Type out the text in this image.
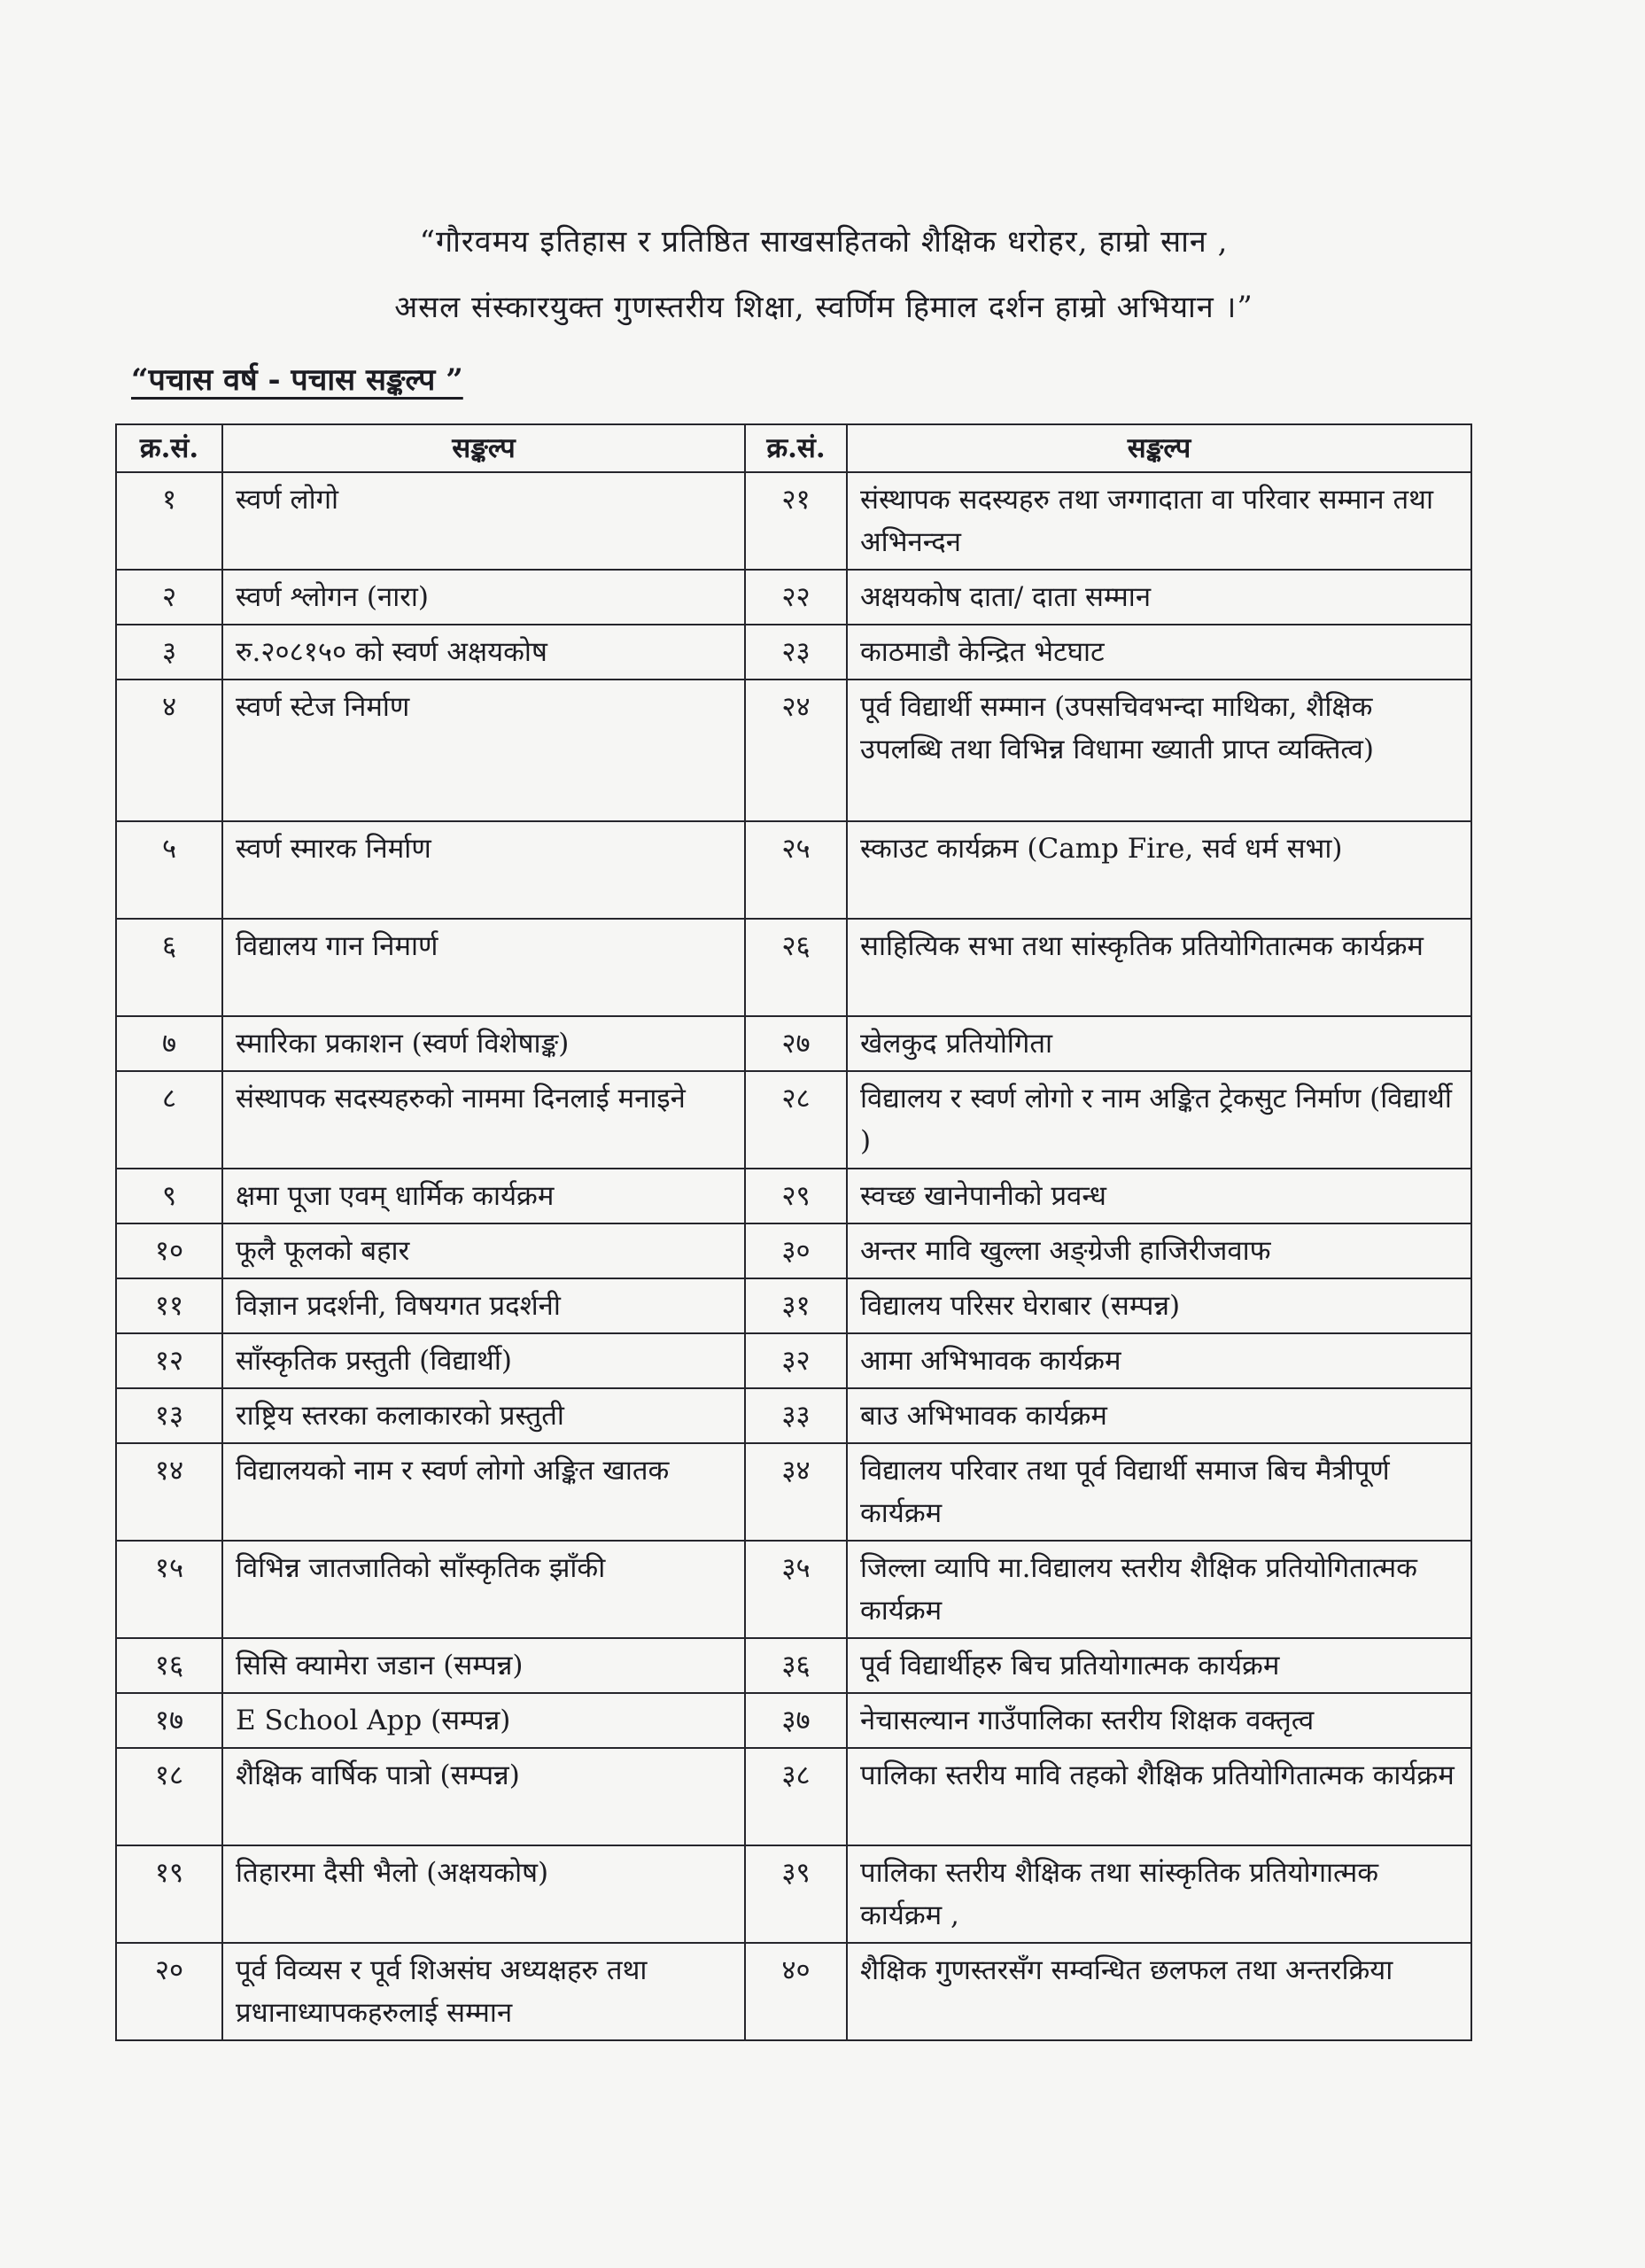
“गौरवमय इतिहास र प्रतिष्ठित साखसहितको शैक्षिक धरोहर, हाम्रो सान ,
असल संस्कारयुक्त गुणस्तरीय शिक्षा, स्वर्णिम हिमाल दर्शन हाम्रो अभियान ।”
“पचास वर्ष - पचास सङ्कल्प ”
क्र.सं.	सङ्कल्प	क्र.सं.	सङ्कल्प
१	स्वर्ण लोगो	२१	संस्थापक सदस्यहरु तथा जग्गादाता वा परिवार सम्मान तथा अभिनन्दन
२	स्वर्ण श्लोगन (नारा)	२२	अक्षयकोष दाता/ दाता सम्मान
३	रु.२०८१५० को स्वर्ण अक्षयकोष	२३	काठमाडौ केन्द्रित भेटघाट
४	स्वर्ण स्टेज निर्माण	२४	पूर्व विद्यार्थी सम्मान (उपसचिवभन्दा माथिका, शैक्षिक उपलब्धि तथा विभिन्न विधामा ख्याती प्राप्त व्यक्तित्व)
५	स्वर्ण स्मारक निर्माण	२५	स्काउट कार्यक्रम (Camp Fire, सर्व धर्म सभा)
६	विद्यालय गान निमार्ण	२६	साहित्यिक सभा तथा सांस्कृतिक प्रतियोगितात्मक कार्यक्रम
७	स्मारिका प्रकाशन (स्वर्ण विशेषाङ्क)	२७	खेलकुद प्रतियोगिता
८	संस्थापक सदस्यहरुको नाममा दिनलाई मनाइने	२८	विद्यालय र स्वर्ण लोगो र नाम अङ्कित ट्रेकसुट निर्माण (विद्यार्थी )
९	क्षमा पूजा एवम् धार्मिक कार्यक्रम	२९	स्वच्छ खानेपानीको प्रवन्ध
१०	फूलै फूलको बहार	३०	अन्तर मावि खुल्ला अङ्ग्रेजी हाजिरीजवाफ
११	विज्ञान प्रदर्शनी, विषयगत प्रदर्शनी	३१	विद्यालय परिसर घेराबार (सम्पन्न)
१२	साँस्कृतिक प्रस्तुती (विद्यार्थी)	३२	आमा अभिभावक कार्यक्रम
१३	राष्ट्रिय स्तरका कलाकारको प्रस्तुती	३३	बाउ अभिभावक कार्यक्रम
१४	विद्यालयको नाम र स्वर्ण लोगो अङ्कित खातक	३४	विद्यालय परिवार तथा पूर्व विद्यार्थी समाज बिच मैत्रीपूर्ण कार्यक्रम
१५	विभिन्न जातजातिको साँस्कृतिक झाँकी	३५	जिल्ला व्यापि मा.विद्यालय स्तरीय शैक्षिक प्रतियोगितात्मक कार्यक्रम
१६	सिसि क्यामेरा जडान (सम्पन्न)	३६	पूर्व विद्यार्थीहरु बिच प्रतियोगात्मक कार्यक्रम
१७	E School App (सम्पन्न)	३७	नेचासल्यान गाउँपालिका स्तरीय शिक्षक वक्तृत्व
१८	शैक्षिक वार्षिक पात्रो (सम्पन्न)	३८	पालिका स्तरीय मावि तहको शैक्षिक प्रतियोगितात्मक कार्यक्रम
१९	तिहारमा दैसी भैलो (अक्षयकोष)	३९	पालिका स्तरीय शैक्षिक तथा सांस्कृतिक प्रतियोगात्मक कार्यक्रम ,
२०	पूर्व विव्यस र पूर्व शिअसंघ अध्यक्षहरु तथा प्रधानाध्यापकहरुलाई सम्मान	४०	शैक्षिक गुणस्तरसँग सम्वन्धित छलफल तथा अन्तरक्रिया
